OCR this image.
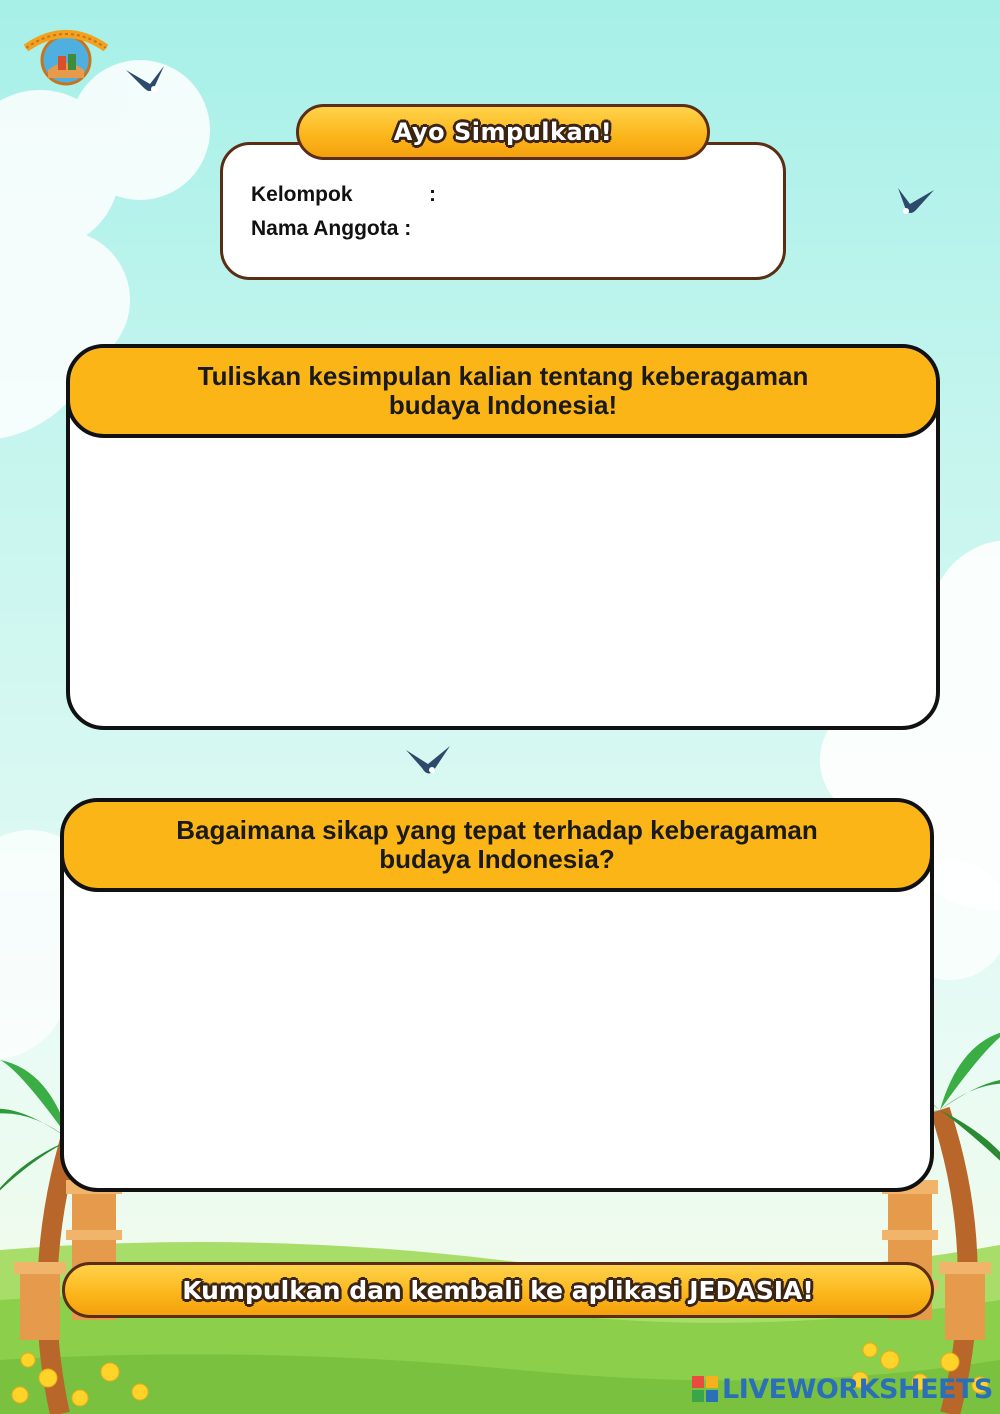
Ayo Simpulkan!
Kelompok	:
Nama Anggota :
Tuliskan kesimpulan kalian tentang keberagaman budaya Indonesia!
Bagaimana sikap yang tepat terhadap keberagaman budaya Indonesia?
Kumpulkan dan kembali ke aplikasi JEDASIA!
LIVEWORKSHEETS
